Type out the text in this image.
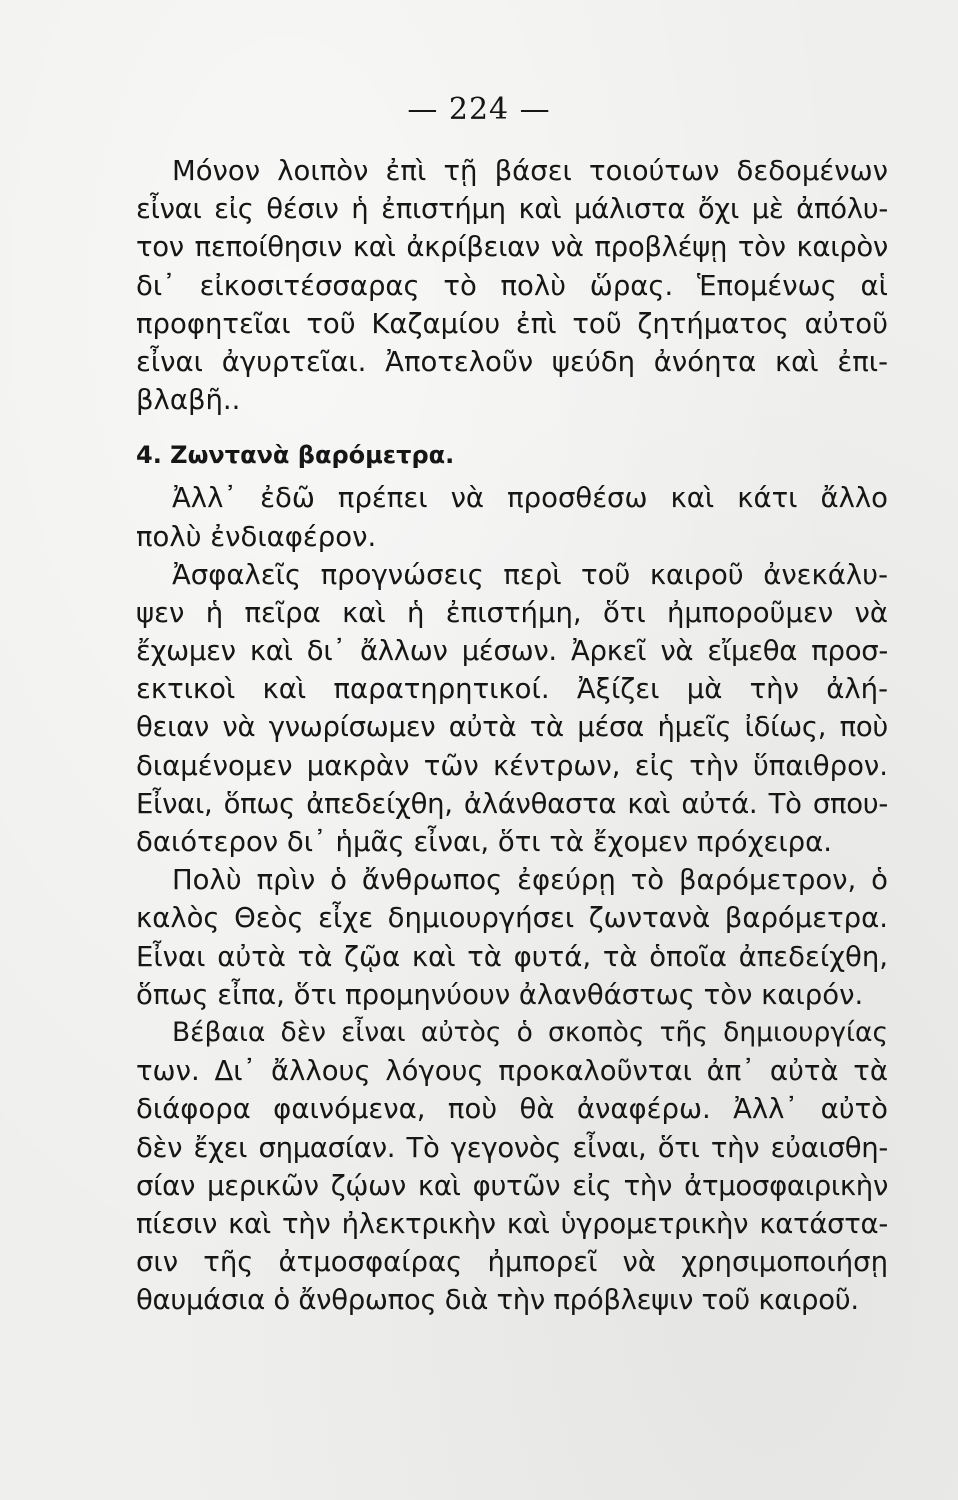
— 224 —
Μόνον λοιπὸν ἐπὶ τῇ βάσει τοιούτων δεδομένων
εἶναι εἰς θέσιν ἡ ἐπιστήμη καὶ μάλιστα ὄχι μὲ ἀπόλυ-
τον πεποίθησιν καὶ ἀκρίβειαν νὰ προβλέψῃ τὸν καιρὸν
δι᾽ εἰκοσιτέσσαρας τὸ πολὺ ὥρας. Ἑπομένως αἱ
προφητεῖαι τοῦ Καζαμίου ἐπὶ τοῦ ζητήματος αὐτοῦ
εἶναι ἀγυρτεῖαι. Ἀποτελοῦν ψεύδη ἀνόητα καὶ ἐπι-
βλαβῆ..
4. Ζωντανὰ βαρόμετρα.
Ἀλλ᾽ ἐδῶ πρέπει νὰ προσθέσω καὶ κάτι ἄλλο
πολὺ ἐνδιαφέρον.
Ἀσφαλεῖς προγνώσεις περὶ τοῦ καιροῦ ἀνεκάλυ-
ψεν ἡ πεῖρα καὶ ἡ ἐπιστήμη, ὅτι ἠμποροῦμεν νὰ
ἔχωμεν καὶ δι᾽ ἄλλων μέσων. Ἀρκεῖ νὰ εἴμεθα προσ-
εκτικοὶ καὶ παρατηρητικοί. Ἀξίζει μὰ τὴν ἀλή-
θειαν νὰ γνωρίσωμεν αὐτὰ τὰ μέσα ἡμεῖς ἰδίως, ποὺ
διαμένομεν μακρὰν τῶν κέντρων, εἰς τὴν ὕπαιθρον.
Εἶναι, ὅπως ἀπεδείχθη, ἀλάνθαστα καὶ αὐτά. Τὸ σπου-
δαιότερον δι᾽ ἡμᾶς εἶναι, ὅτι τὰ ἔχομεν πρόχειρα.
Πολὺ πρὶν ὁ ἄνθρωπος ἐφεύρῃ τὸ βαρόμετρον, ὁ
καλὸς Θεὸς εἶχε δημιουργήσει ζωντανὰ βαρόμετρα.
Εἶναι αὐτὰ τὰ ζῷα καὶ τὰ φυτά, τὰ ὁποῖα ἀπεδείχθη,
ὅπως εἶπα, ὅτι προμηνύουν ἀλανθάστως τὸν καιρόν.
Βέβαια δὲν εἶναι αὐτὸς ὁ σκοπὸς τῆς δημιουργίας
των. Δι᾽ ἄλλους λόγους προκαλοῦνται ἀπ᾽ αὐτὰ τὰ
διάφορα φαινόμενα, ποὺ θὰ ἀναφέρω. Ἀλλ᾽ αὐτὸ
δὲν ἔχει σημασίαν. Τὸ γεγονὸς εἶναι, ὅτι τὴν εὐαισθη-
σίαν μερικῶν ζῴων καὶ φυτῶν εἰς τὴν ἀτμοσφαιρικὴν
πίεσιν καὶ τὴν ἠλεκτρικὴν καὶ ὑγρομετρικὴν κατάστα-
σιν τῆς ἀτμοσφαίρας ἠμπορεῖ νὰ χρησιμοποιήσῃ
θαυμάσια ὁ ἄνθρωπος διὰ τὴν πρόβλεψιν τοῦ καιροῦ.
